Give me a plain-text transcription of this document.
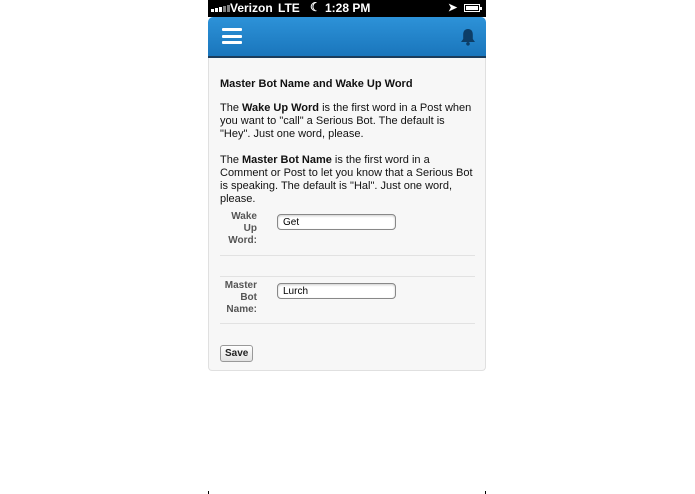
Verizon LTE ☾ 1:28 PM	➤
Master Bot Name and Wake Up Word

The Wake Up Word is the first word in a Post when you want to "call" a Serious Bot. The default is "Hey". Just one word, please.

The Master Bot Name is the first word in a Comment or Post to let you know that a Serious Bot is speaking. The default is "Hal". Just one word, please.

Wake Up Word:
Get
Master Bot Name:
Lurch
Save
